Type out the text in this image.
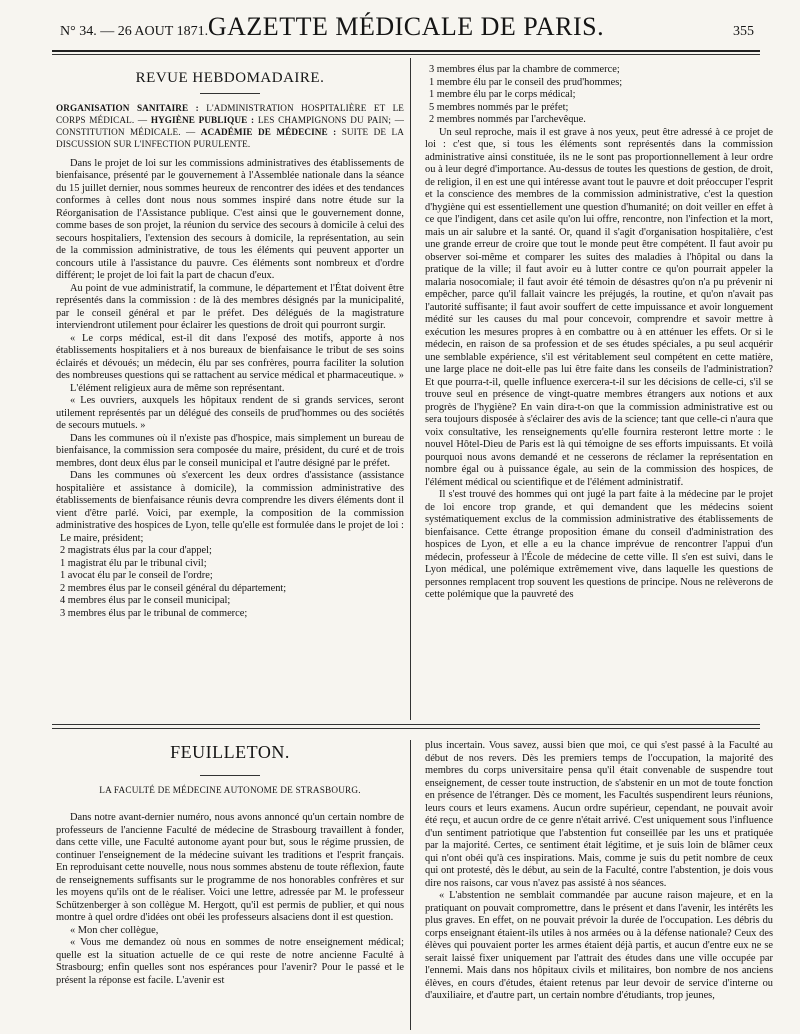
N° 34. — 26 AOUT 1871. GAZETTE MÉDICALE DE PARIS.	355
REVUE HEBDOMADAIRE.
ORGANISATION SANITAIRE : L'ADMINISTRATION HOSPITALIÈRE ET LE CORPS MÉDICAL. — HYGIÈNE PUBLIQUE : LES CHAMPIGNONS DU PAIN; — CONSTITUTION MÉDICALE. — ACADÉMIE DE MÉDECINE : SUITE DE LA DISCUSSION SUR L'INFECTION PURULENTE.

Dans le projet de loi sur les commissions administratives des établissements de bienfaisance, présenté par le gouvernement à l'Assemblée nationale dans la séance du 15 juillet dernier, nous sommes heureux de rencontrer des idées et des tendances conformes à celles dont nous nous sommes inspiré dans notre étude sur la Réorganisation de l'Assistance publique. C'est ainsi que le gouvernement donne, comme bases de son projet, la réunion du service des secours à domicile à celui des secours hospitaliers, l'extension des secours à domicile, la représentation, au sein de la commission administrative, de tous les éléments qui peuvent apporter un concours utile à l'assistance du pauvre. Ces éléments sont nombreux et d'ordre différent; le projet de loi fait la part de chacun d'eux.

Au point de vue administratif, la commune, le département et l'État doivent être représentés dans la commission : de là des membres désignés par la municipalité, par le conseil général et par le préfet. Des délégués de la magistrature interviendront utilement pour éclairer les questions de droit qui pourront surgir.

« Le corps médical, est-il dit dans l'exposé des motifs, apporte à nos établissements hospitaliers et à nos bureaux de bienfaisance le tribut de ses soins éclairés et dévoués; un médecin, élu par ses confrères, pourra faciliter la solution des nombreuses questions qui se rattachent au service médical et pharmaceutique. »

L'élément religieux aura de même son représentant.

« Les ouvriers, auxquels les hôpitaux rendent de si grands services, seront utilement représentés par un délégué des conseils de prud'hommes ou des sociétés de secours mutuels. »

Dans les communes où il n'existe pas d'hospice, mais simplement un bureau de bienfaisance, la commission sera composée du maire, président, du curé et de trois membres, dont deux élus par le conseil municipal et l'autre désigné par le préfet.

Dans les communes où s'exercent les deux ordres d'assistance (assistance hospitalière et assistance à domicile), la commission administrative des établissements de bienfaisance réunis devra comprendre les divers éléments dont il vient d'être parlé. Voici, par exemple, la composition de la commission administrative des hospices de Lyon, telle qu'elle est formulée dans le projet de loi :

Le maire, président;
2 magistrats élus par la cour d'appel;
1 magistrat élu par le tribunal civil;
1 avocat élu par le conseil de l'ordre;
2 membres élus par le conseil général du département;
4 membres élus par le conseil municipal;
3 membres élus par le tribunal de commerce;
3 membres élus par la chambre de commerce;
1 membre élu par le conseil des prud'hommes;
1 membre élu par le corps médical;
5 membres nommés par le préfet;
2 membres nommés par l'archevêque.

Un seul reproche, mais il est grave à nos yeux, peut être adressé à ce projet de loi : c'est que, si tous les éléments sont représentés dans la commission administrative ainsi constituée, ils ne le sont pas proportionnellement à leur ordre ou à leur degré d'importance. Au-dessus de toutes les questions de gestion, de droit, de religion, il en est une qui intéresse avant tout le pauvre et doit préoccuper l'esprit et la conscience des membres de la commission administrative, c'est la question d'hygiène qui est essentiellement une question d'humanité; on doit veiller en effet à ce que l'indigent, dans cet asile qu'on lui offre, rencontre, non l'infection et la mort, mais un air salubre et la santé. Or, quand il s'agit d'organisation hospitalière, c'est une grande erreur de croire que tout le monde peut être compétent. Il faut avoir pu observer soi-même et comparer les suites des maladies à l'hôpital ou dans la pratique de la ville; il faut avoir eu à lutter contre ce qu'on pourrait appeler la malaria nosocomiale; il faut avoir été témoin de désastres qu'on n'a pu prévenir ni empêcher, parce qu'il fallait vaincre les préjugés, la routine, et qu'on n'avait pas l'autorité suffisante; il faut avoir souffert de cette impuissance et avoir longuement médité sur les causes du mal pour concevoir, comprendre et savoir mettre à exécution les mesures propres à en combattre ou à en atténuer les effets. Or si le médecin, en raison de sa profession et de ses études spéciales, a pu seul acquérir une semblable expérience, s'il est véritablement seul compétent en cette matière, une large place ne doit-elle pas lui être faite dans les conseils de l'administration? Et que pourra-t-il, quelle influence exercera-t-il sur les décisions de celle-ci, s'il se trouve seul en présence de vingt-quatre membres étrangers aux notions et aux progrès de l'hygiène? En vain dira-t-on que la commission administrative est ou sera toujours disposée à s'éclairer des avis de la science; tant que celle-ci n'aura que voix consultative, les renseignements qu'elle fournira resteront lettre morte : le nouvel Hôtel-Dieu de Paris est là qui témoigne de ses efforts impuissants. Et voilà pourquoi nous avons demandé et ne cesserons de réclamer la représentation en nombre égal ou à puissance égale, au sein de la commission des hospices, de l'élément médical ou scientifique et de l'élément administratif.

Il s'est trouvé des hommes qui ont jugé la part faite à la médecine par le projet de loi encore trop grande, et qui demandent que les médecins soient systématiquement exclus de la commission administrative des établissements de bienfaisance. Cette étrange proposition émane du conseil d'administration des hospices de Lyon, et elle a eu la chance imprévue de rencontrer l'appui d'un médecin, professeur à l'École de médecine de cette ville. Il s'en est suivi, dans le Lyon médical, une polémique extrêmement vive, dans laquelle les questions de personnes remplacent trop souvent les questions de principe. Nous ne relèverons de cette polémique que la pauvreté des

FEUILLETON.
LA FACULTÉ DE MÉDECINE AUTONOME DE STRASBOURG.

Dans notre avant-dernier numéro, nous avons annoncé qu'un certain nombre de professeurs de l'ancienne Faculté de médecine de Strasbourg travaillent à fonder, dans cette ville, une Faculté autonome ayant pour but, sous le régime prussien, de continuer l'enseignement de la médecine suivant les traditions et l'esprit français. En reproduisant cette nouvelle, nous nous sommes abstenu de toute réflexion, faute de renseignements suffisants sur le programme de nos honorables confrères et sur les moyens qu'ils ont de le réaliser. Voici une lettre, adressée par M. le professeur Schützenberger à son collègue M. Hergott, qu'il est permis de publier, et qui nous montre à quel ordre d'idées ont obéi les professeurs alsaciens dont il est question.

« Mon cher collègue,

« Vous me demandez où nous en sommes de notre enseignement médical; quelle est la situation actuelle de ce qui reste de notre ancienne Faculté à Strasbourg; enfin quelles sont nos espérances pour l'avenir? Pour le passé et le présent la réponse est facile. L'avenir est

plus incertain. Vous savez, aussi bien que moi, ce qui s'est passé à la Faculté au début de nos revers. Dès les premiers temps de l'occupation, la majorité des membres du corps universitaire pensa qu'il était convenable de suspendre tout enseignement, de cesser toute instruction, de s'abstenir en un mot de toute fonction en présence de l'étranger. Dès ce moment, les Facultés suspendirent leurs réunions, leurs cours et leurs examens. Aucun ordre supérieur, cependant, ne pouvait avoir été reçu, et aucun ordre de ce genre n'était arrivé. C'est uniquement sous l'influence d'un sentiment patriotique que l'abstention fut conseillée par les uns et pratiquée par la majorité. Certes, ce sentiment était légitime, et je suis loin de blâmer ceux qui n'ont obéi qu'à ces inspirations. Mais, comme je suis du petit nombre de ceux qui ont protesté, dès le début, au sein de la Faculté, contre l'abstention, je dois vous dire nos raisons, car vous n'avez pas assisté à nos séances.

« L'abstention ne semblait commandée par aucune raison majeure, et en la pratiquant on pouvait compromettre, dans le présent et dans l'avenir, les intérêts les plus graves. En effet, on ne pouvait prévoir la durée de l'occupation. Les débris du corps enseignant étaient-ils utiles à nos armées ou à la défense nationale? Ceux des élèves qui pouvaient porter les armes étaient déjà partis, et aucun d'entre eux ne se serait laissé fixer uniquement par l'attrait des études dans une ville occupée par l'ennemi. Mais dans nos hôpitaux civils et militaires, bon nombre de nos anciens élèves, en cours d'études, étaient retenus par leur devoir de service d'interne ou d'auxiliaire, et d'autre part, un certain nombre d'étudiants, trop jeunes,
